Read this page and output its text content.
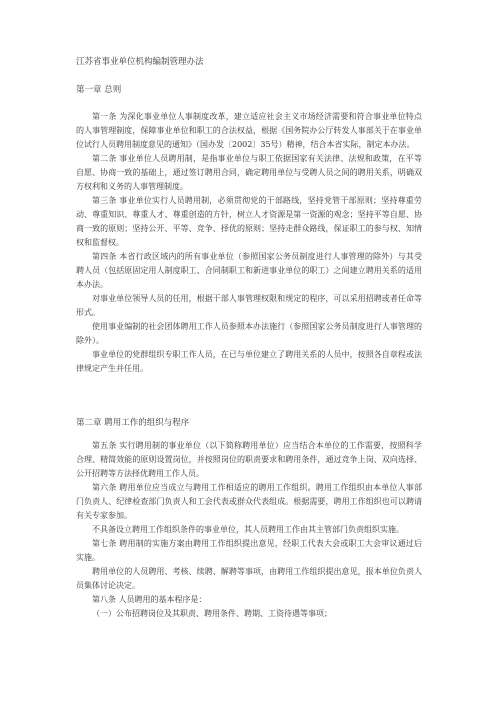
江苏省事业单位机构编制管理办法
第一章 总则

第一条 为深化事业单位人事制度改革，建立适应社会主义市场经济需要和符合事业单位特点的人事管理制度，保障事业单位和职工的合法权益，根据《国务院办公厅转发人事部关于在事业单位试行人员聘用制度意见的通知》（国办发〔2002〕35号）精神，结合本省实际，制定本办法。

第二条 事业单位人员聘用制，是指事业单位与职工依据国家有关法律、法规和政策，在平等自愿、协商一致的基础上，通过签订聘用合同，确定聘用单位与受聘人员之间的聘用关系，明确双方权利和义务的人事管理制度。

第三条 事业单位实行人员聘用制，必须贯彻党的干部路线，坚持党管干部原则；坚持尊重劳动、尊重知识、尊重人才、尊重创造的方针，树立人才资源是第一资源的观念；坚持平等自愿、协商一致的原则；坚持公开、平等、竞争、择优的原则；坚持走群众路线，保证职工的参与权、知情权和监督权。

第四条 本省行政区域内的所有事业单位（参照国家公务员制度进行人事管理的除外）与其受聘人员（包括原固定用人制度职工、合同制职工和新进事业单位的职工）之间建立聘用关系的适用本办法。

对事业单位领导人员的任用，根据干部人事管理权限和规定的程序，可以采用招聘或者任命等形式。

使用事业编制的社会团体聘用工作人员参照本办法施行（参照国家公务员制度进行人事管理的除外）。

事业单位的党群组织专职工作人员，在已与单位建立了聘用关系的人员中，按照各自章程或法律规定产生并任用。

第二章 聘用工作的组织与程序

第五条 实行聘用制的事业单位（以下简称聘用单位）应当结合本单位的工作需要，按照科学合理、精简效能的原则设置岗位，并按照岗位的职责要求和聘用条件，通过竞争上岗、双向选择、公开招聘等方法择优聘用工作人员。

第六条 聘用单位应当成立与聘用工作相适应的聘用工作组织。聘用工作组织由本单位人事部门负责人、纪律检查部门负责人和工会代表或群众代表组成。根据需要，聘用工作组织也可以聘请有关专家参加。

不具备设立聘用工作组织条件的事业单位，其人员聘用工作由其主管部门负责组织实施。

第七条 聘用制的实施方案由聘用工作组织提出意见，经职工代表大会或职工大会审议通过后实施。

聘用单位的人员聘用、考核、续聘、解聘等事项，由聘用工作组织提出意见，报本单位负责人员集体讨论决定。

第八条 人员聘用的基本程序是：

（一）公布招聘岗位及其职责、聘用条件、聘期、工资待遇等事项；
